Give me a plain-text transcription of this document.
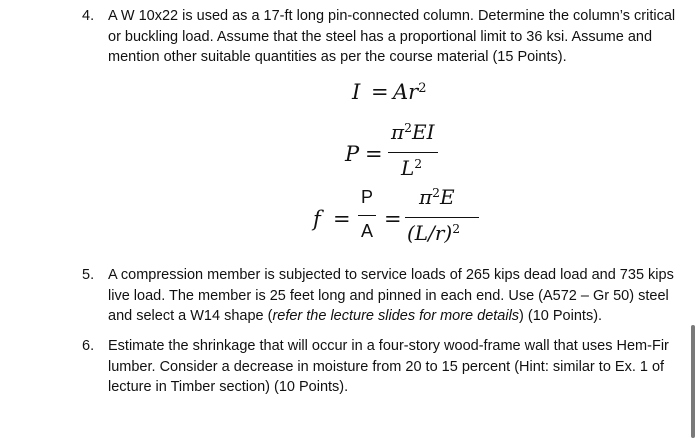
4. A W 10x22 is used as a 17-ft long pin-connected column. Determine the column’s critical
or buckling load. Assume that the steel has a proportional limit to 36 ksi. Assume and
mention other suitable quantities as per the course material (15 Points).
$I = Ar^2$
P =
$\pi^2EI$
$L^2$
f =
P
A =
$\pi^2E$
$(L/r)^2$
5. A compression member is subjected to service loads of 265 kips dead load and 735 kips
live load. The member is 25 feet long and pinned in each end. Use (A572 – Gr 50) steel
and select a W14 shape (refer the lecture slides for more details) (10 Points).
6. Estimate the shrinkage that will occur in a four-story wood-frame wall that uses Hem-Fir
lumber. Consider a decrease in moisture from 20 to 15 percent (Hint: similar to Ex. 1 of
lecture in Timber section) (10 Points).
